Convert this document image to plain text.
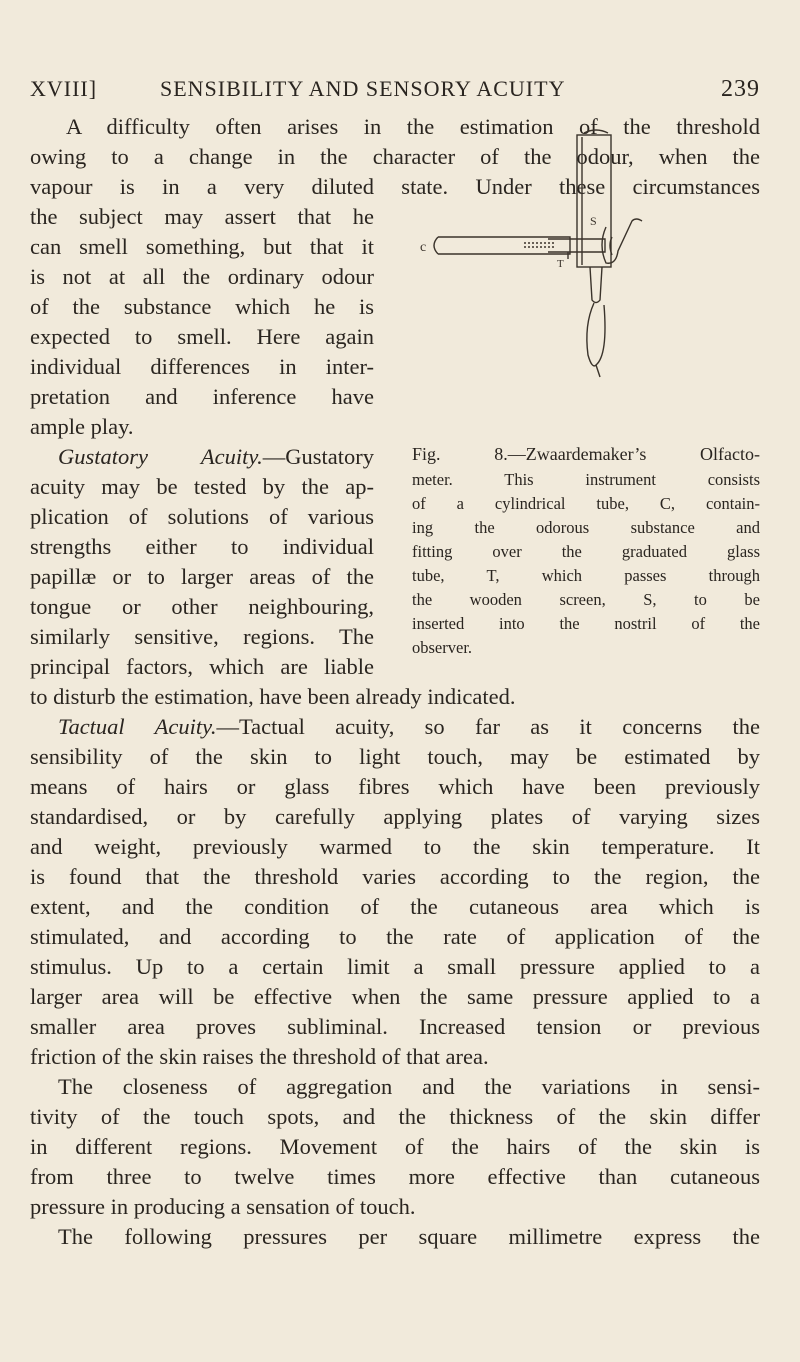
XVIII]	SENSIBILITY AND SENSORY ACUITY	239
A difficulty often arises in the estimation of the threshold
owing to a change in the character of the odour, when the
vapour is in a very diluted state. Under these circumstances
the subject may assert that he
can smell something, but that it
is not at all the ordinary odour
of the substance which he is
expected to smell. Here again
individual differences in inter-
pretation and inference have
ample play.
Gustatory Acuity.—Gustatory
acuity may be tested by the ap-
plication of solutions of various
strengths either to individual
papillæ or to larger areas of the
tongue or other neighbouring,
similarly sensitive, regions. The
principal factors, which are liable
to disturb the estimation, have been already indicated.
Tactual Acuity.—Tactual acuity, so far as it concerns the
sensibility of the skin to light touch, may be estimated by
means of hairs or glass fibres which have been previously
standardised, or by carefully applying plates of varying sizes
and weight, previously warmed to the skin temperature. It
is found that the threshold varies according to the region, the
extent, and the condition of the cutaneous area which is
stimulated, and according to the rate of application of the
stimulus. Up to a certain limit a small pressure applied to a
larger area will be effective when the same pressure applied to a
smaller area proves subliminal. Increased tension or previous
friction of the skin raises the threshold of that area.
The closeness of aggregation and the variations in sensi-
tivity of the touch spots, and the thickness of the skin differ
in different regions. Movement of the hairs of the skin is
from three to twelve times more effective than cutaneous
pressure in producing a sensation of touch.
The following pressures per square millimetre express the
c
T
S
Fig. 8.—Zwaardemaker’s Olfacto-
meter. This instrument consists
of a cylindrical tube, C, contain-
ing the odorous substance and
fitting over the graduated glass
tube, T, which passes through
the wooden screen, S, to be
inserted into the nostril of the
observer.
